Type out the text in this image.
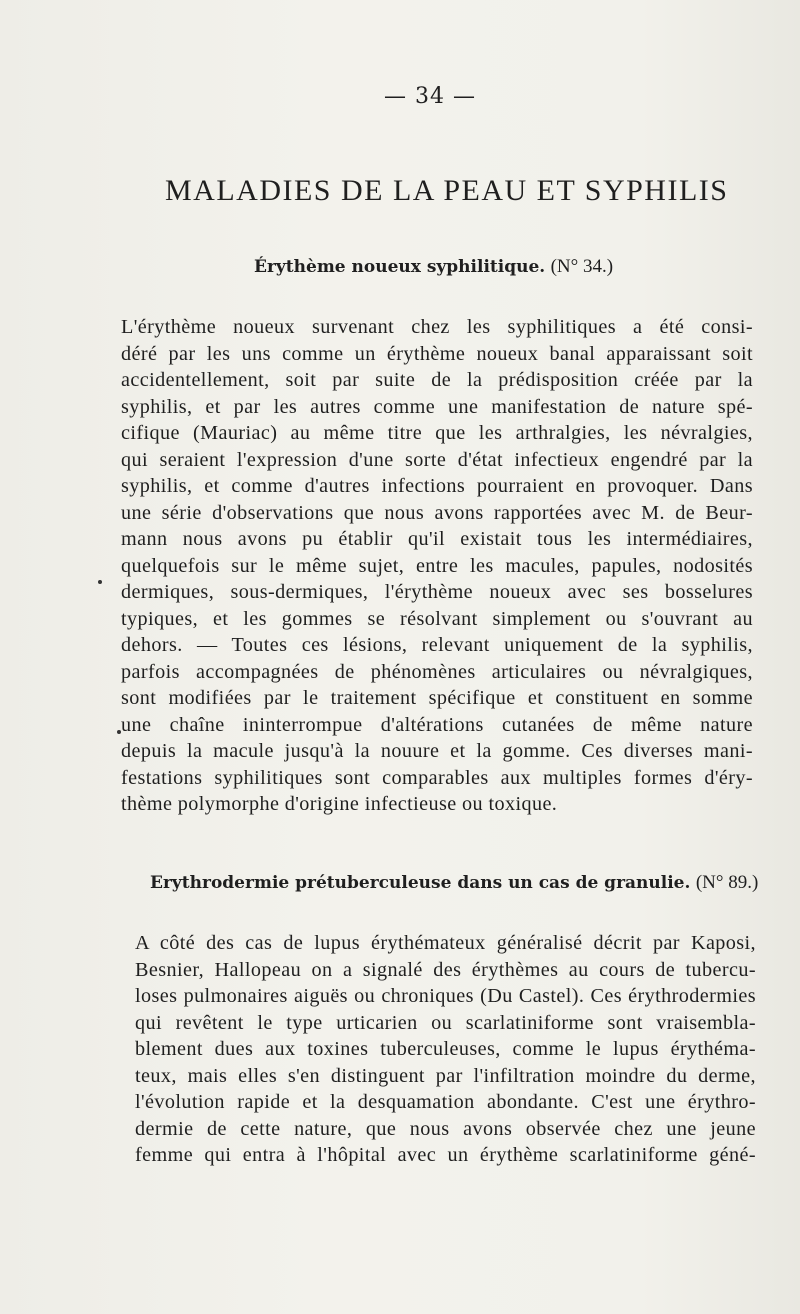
— 34 —
MALADIES DE LA PEAU ET SYPHILIS
Érythème noueux syphilitique. (N° 34.)
L'érythème noueux survenant chez les syphilitiques a été consi-
déré par les uns comme un érythème noueux banal apparaissant soit
accidentellement, soit par suite de la prédisposition créée par la
syphilis, et par les autres comme une manifestation de nature spé-
cifique (Mauriac) au même titre que les arthralgies, les névralgies,
qui seraient l'expression d'une sorte d'état infectieux engendré par la
syphilis, et comme d'autres infections pourraient en provoquer. Dans
une série d'observations que nous avons rapportées avec M. de Beur-
mann nous avons pu établir qu'il existait tous les intermédiaires,
quelquefois sur le même sujet, entre les macules, papules, nodosités
dermiques, sous-dermiques, l'érythème noueux avec ses bosselures
typiques, et les gommes se résolvant simplement ou s'ouvrant au
dehors. — Toutes ces lésions, relevant uniquement de la syphilis,
parfois accompagnées de phénomènes articulaires ou névralgiques,
sont modifiées par le traitement spécifique et constituent en somme
une chaîne ininterrompue d'altérations cutanées de même nature
depuis la macule jusqu'à la nouure et la gomme. Ces diverses mani-
festations syphilitiques sont comparables aux multiples formes d'éry-
thème polymorphe d'origine infectieuse ou toxique.
Erythrodermie prétuberculeuse dans un cas de granulie. (N° 89.)
A côté des cas de lupus érythémateux généralisé décrit par Kaposi,
Besnier, Hallopeau on a signalé des érythèmes au cours de tubercu-
loses pulmonaires aiguës ou chroniques (Du Castel). Ces érythrodermies
qui revêtent le type urticarien ou scarlatiniforme sont vraisembla-
blement dues aux toxines tuberculeuses, comme le lupus érythéma-
teux, mais elles s'en distinguent par l'infiltration moindre du derme,
l'évolution rapide et la desquamation abondante. C'est une érythro-
dermie de cette nature, que nous avons observée chez une jeune
femme qui entra à l'hôpital avec un érythème scarlatiniforme géné-
